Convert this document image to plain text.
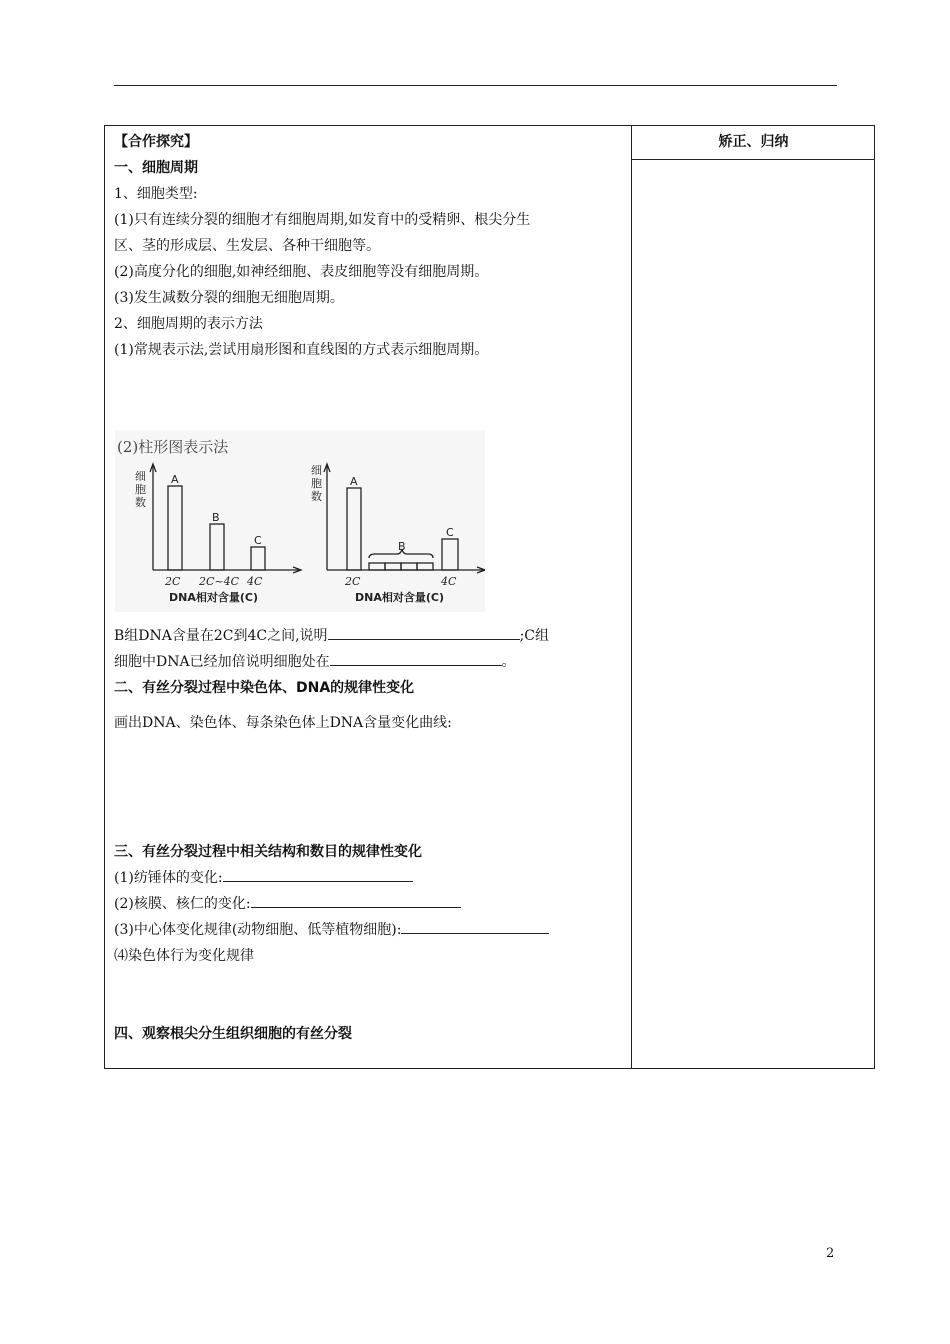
矫正、归纳
【合作探究】
一、细胞周期
1、细胞类型:
(1)只有连续分裂的细胞才有细胞周期,如发育中的受精卵、根尖分生
区、茎的形成层、生发层、各种干细胞等。
(2)高度分化的细胞,如神经细胞、表皮细胞等没有细胞周期。
(3)发生减数分裂的细胞无细胞周期。
2、细胞周期的表示方法
(1)常规表示法,尝试用扇形图和直线图的方式表示细胞周期。
(2)柱形图表示法
细
胞
数
细
胞
数
A
B
C
A
B
C
2C 2C~4C 4C	2C	4C
DNA相对含量(C)	DNA相对含量(C)
B组DNA含量在2C到4C之间,说明	;C组
细胞中DNA已经加倍说明细胞处在	。
二、有丝分裂过程中染色体、DNA的规律性变化
画出DNA、染色体、每条染色体上DNA含量变化曲线:
三、有丝分裂过程中相关结构和数目的规律性变化
(1)纺锤体的变化:
(2)核膜、核仁的变化:
(3)中心体变化规律(动物细胞、低等植物细胞):
⑷染色体行为变化规律
四、观察根尖分生组织细胞的有丝分裂
2
